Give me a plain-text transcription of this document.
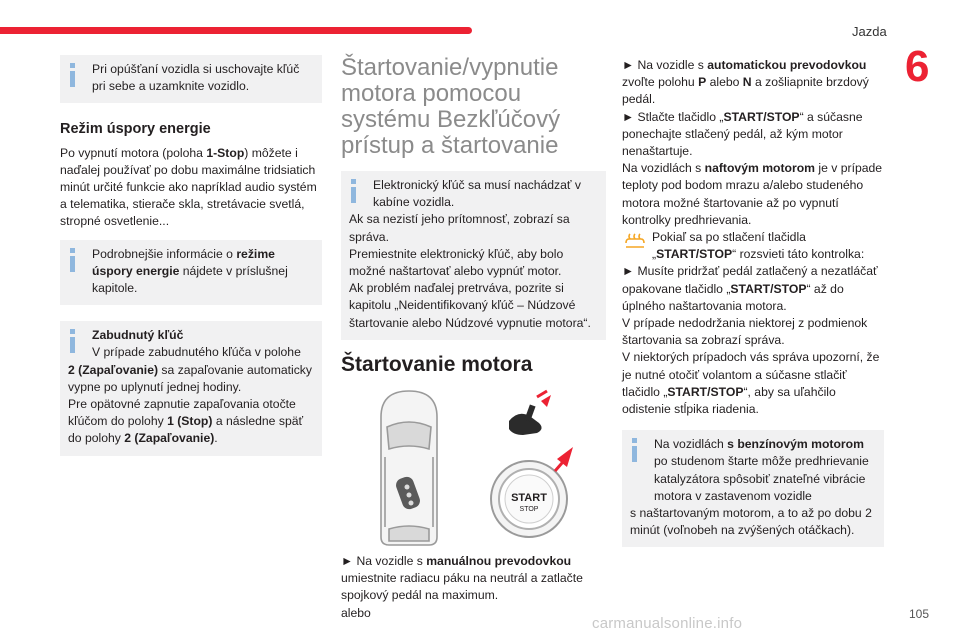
Jazda
6
Pri opúšťaní vozidla si uschovajte kľúč pri sebe a uzamknite vozidlo.
Režim úspory energie

Po vypnutí motora (poloha 1-Stop) môžete i naďalej používať po dobu maximálne tridsiatich minút určité funkcie ako napríklad audio systém a telematika, stierače skla, stretávacie svetlá, stropné osvetlenie...

Podrobnejšie informácie o režime úspory energie nájdete v príslušnej kapitole.
Zabudnutý kľúč
V prípade zabudnutého kľúča v polohe
2 (Zapaľovanie) sa zapaľovanie automaticky vypne po uplynutí jednej hodiny.
Pre opätovné zapnutie zapaľovania otočte kľúčom do polohy 1 (Stop) a následne späť do polohy 2 (Zapaľovanie).
Štartovanie/vypnutie motora pomocou systému Bezkľúčový prístup a štartovanie
Elektronický kľúč sa musí nachádzať v kabíne vozidla.
Ak sa nezistí jeho prítomnosť, zobrazí sa správa.
Premiestnite elektronický kľúč, aby bolo možné naštartovať alebo vypnúť motor.
Ak problém naďalej pretrváva, pozrite si kapitolu „Neidentifikovaný kľúč – Núdzové štartovanie alebo Núdzové vypnutie motora“.
Štartovanie motora
START
STOP

► Na vozidle s manuálnou prevodovkou umiestnite radiacu páku na neutrál a zatlačte spojkový pedál na maximum.

alebo

► Na vozidle s automatickou prevodovkou zvoľte polohu P alebo N a zošliapnite brzdový pedál.

► Stlačte tlačidlo „START/STOP“ a súčasne ponechajte stlačený pedál, až kým motor nenaštartuje.

Na vozidlách s naftovým motorom je v prípade teploty pod bodom mrazu a/alebo studeného motora možné štartovanie až po vypnutí kontrolky predhrievania.

Pokiaľ sa po stlačení tlačidla „START/STOP“ rozsvieti táto kontrolka:

► Musíte pridržať pedál zatlačený a nezatláčať opakovane tlačidlo „START/STOP“ až do úplného naštartovania motora.

V prípade nedodržania niektorej z podmienok štartovania sa zobrazí správa.

V niektorých prípadoch vás správa upozorní, že je nutné otočiť volantom a súčasne stlačiť tlačidlo „START/STOP“, aby sa uľahčilo odistenie stĺpika riadenia.

Na vozidlách s benzínovým motorom po studenom štarte môže predhrievanie katalyzátora spôsobiť znateľné vibrácie motora v zastavenom vozidle
s naštartovaným motorom, a to až po dobu 2 minút (voľnobeh na zvýšených otáčkach).
105
carmanualsonline.info
